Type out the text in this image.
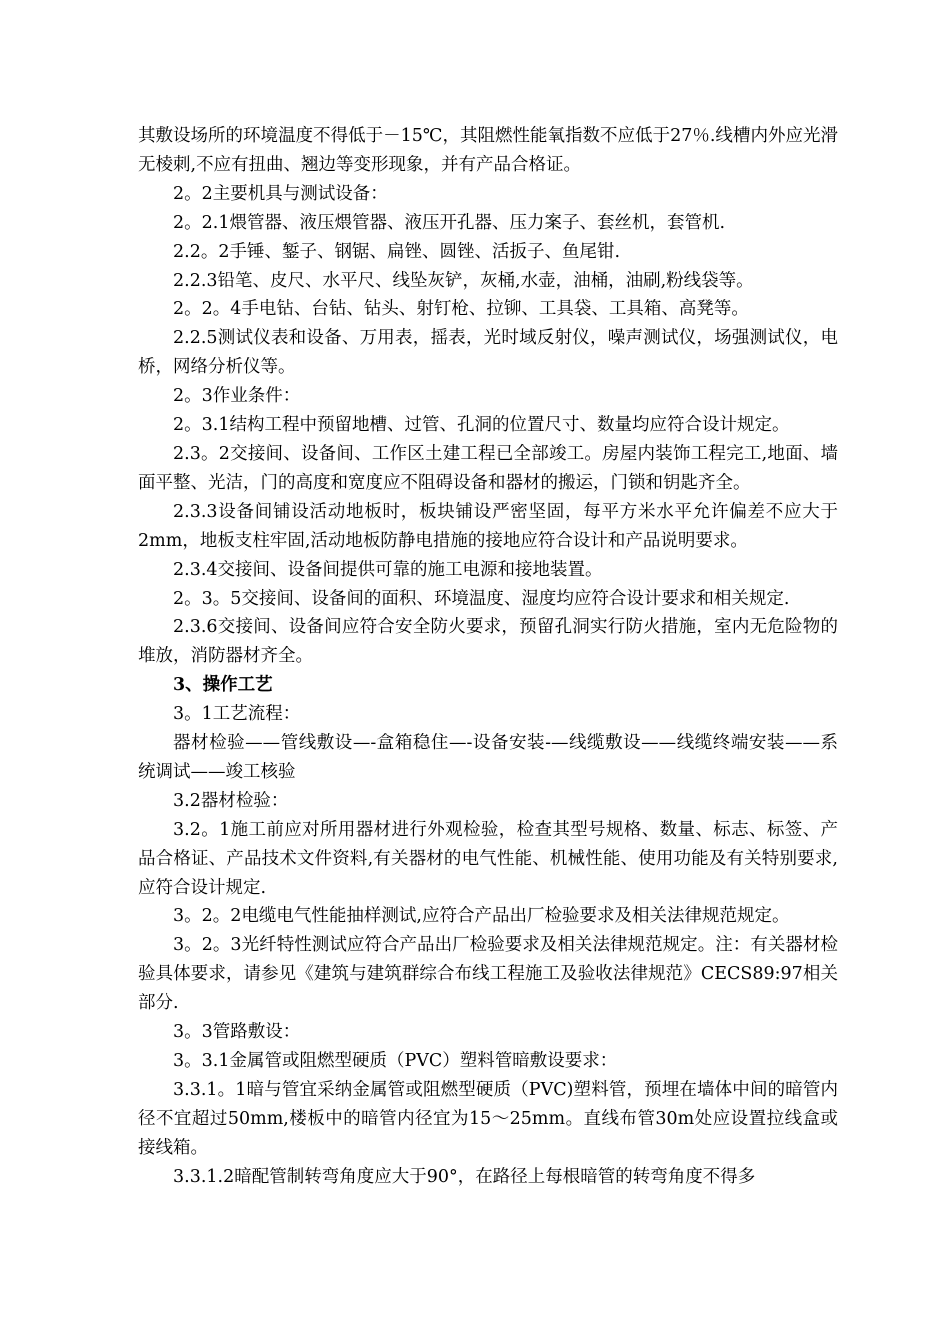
其敷设场所的环境温度不得低于－15℃，其阻燃性能氧指数不应低于27％.线槽内外应光滑无棱刺,不应有扭曲、翘边等变形现象，并有产品合格证。

2。2主要机具与测试设备：

2。2.1煨管器、液压煨管器、液压开孔器、压力案子、套丝机，套管机.

2.2。2手锤、錾子、钢锯、扁锉、圆锉、活扳子、鱼尾钳.

2.2.3铅笔、皮尺、水平尺、线坠灰铲，灰桶,水壶，油桶，油刷,粉线袋等。

2。2。4手电钻、台钻、钻头、射钉枪、拉铆、工具袋、工具箱、高凳等。

2.2.5测试仪表和设备、万用表，摇表，光时域反射仪，噪声测试仪，场强测试仪，电桥，网络分析仪等。

2。3作业条件：

2。3.1结构工程中预留地槽、过管、孔洞的位置尺寸、数量均应符合设计规定。

2.3。2交接间、设备间、工作区土建工程已全部竣工。房屋内装饰工程完工,地面、墙面平整、光洁，门的高度和宽度应不阻碍设备和器材的搬运，门锁和钥匙齐全。

2.3.3设备间铺设活动地板时，板块铺设严密坚固，每平方米水平允许偏差不应大于2mm，地板支柱牢固,活动地板防静电措施的接地应符合设计和产品说明要求。

2.3.4交接间、设备间提供可靠的施工电源和接地装置。

2。3。5交接间、设备间的面积、环境温度、湿度均应符合设计要求和相关规定.

2.3.6交接间、设备间应符合安全防火要求，预留孔洞实行防火措施，室内无危险物的堆放，消防器材齐全。

3、操作工艺

3。1工艺流程：

器材检验——管线敷设—-盒箱稳住—-设备安装-—线缆敷设——线缆终端安装——系统调试——竣工核验

3.2器材检验：

3.2。1施工前应对所用器材进行外观检验，检查其型号规格、数量、标志、标签、产品合格证、产品技术文件资料,有关器材的电气性能、机械性能、使用功能及有关特别要求,应符合设计规定.

3。2。2电缆电气性能抽样测试,应符合产品出厂检验要求及相关法律规范规定。

3。2。3光纤特性测试应符合产品出厂检验要求及相关法律规范规定。注：有关器材检验具体要求，请参见《建筑与建筑群综合布线工程施工及验收法律规范》CECS89:97相关部分.

3。3管路敷设：

3。3.1金属管或阻燃型硬质（PVC）塑料管暗敷设要求：

3.3.1。1暗与管宜采纳金属管或阻燃型硬质（PVC)塑料管，预埋在墙体中间的暗管内径不宜超过50mm,楼板中的暗管内径宜为15～25mm。直线布管30m处应设置拉线盒或接线箱。

3.3.1.2暗配管制转弯角度应大于90°，在路径上每根暗管的转弯角度不得多
